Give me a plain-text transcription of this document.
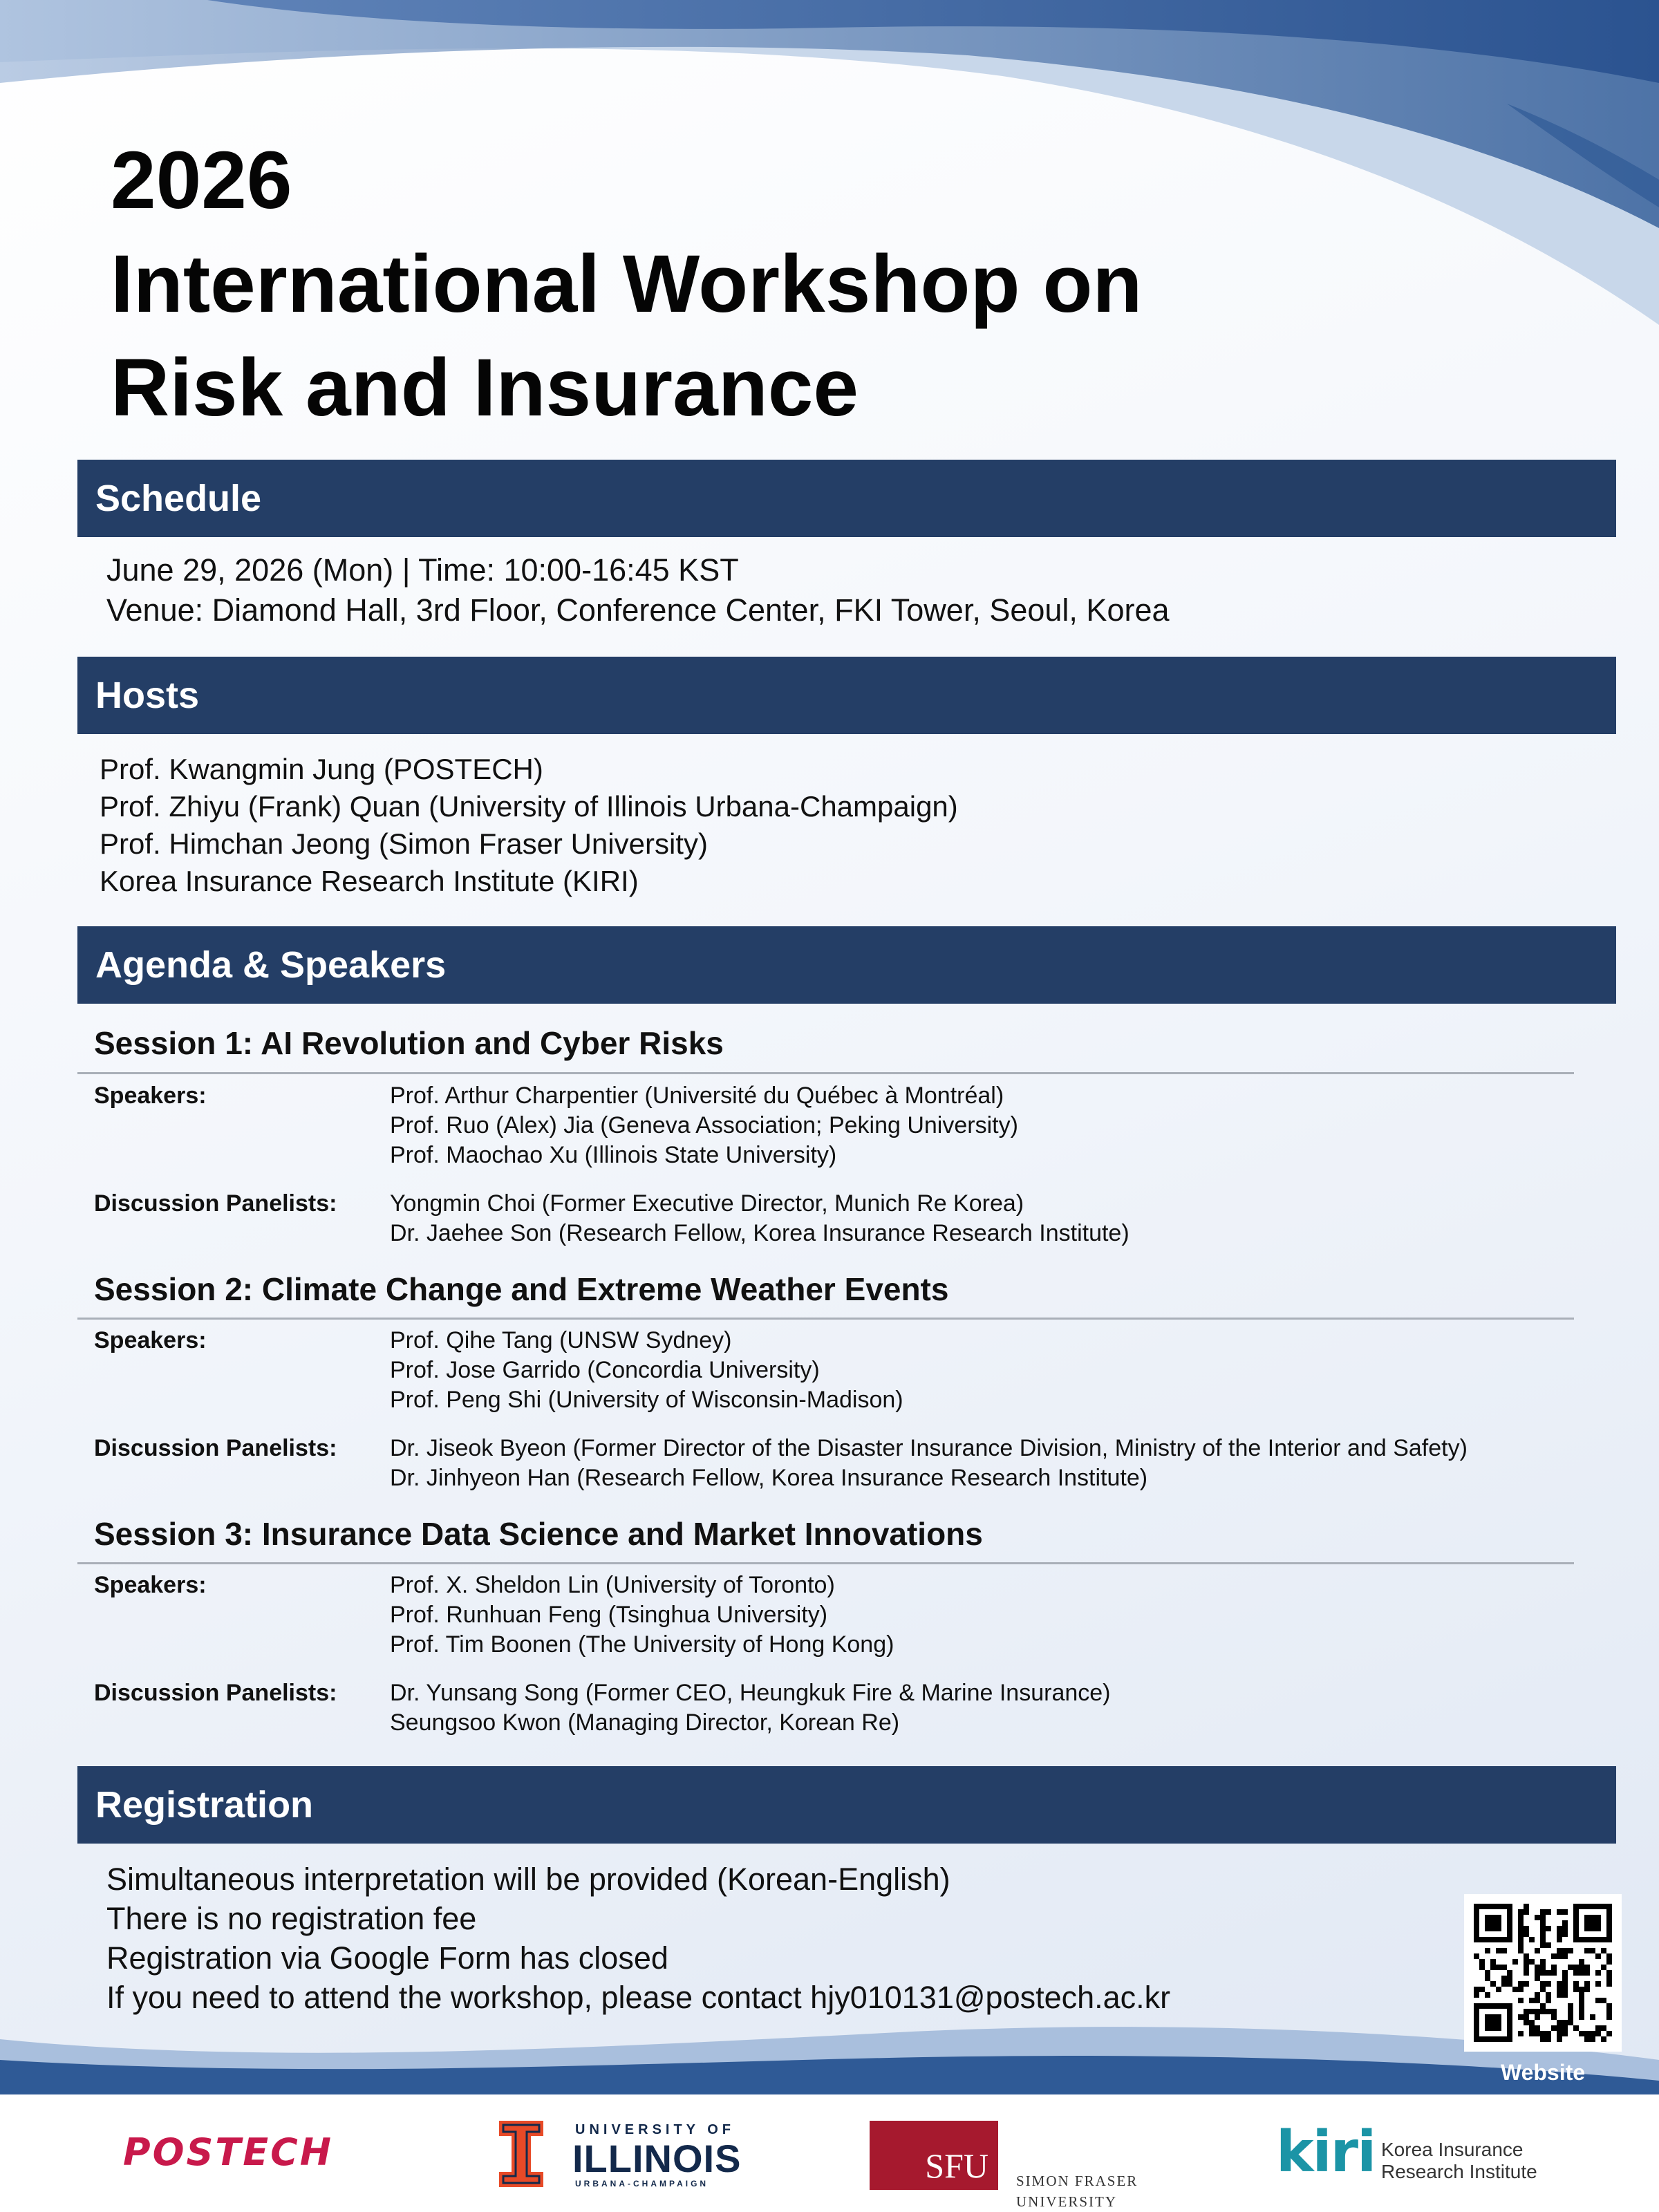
2026
International Workshop on
Risk and Insurance
Schedule

June 29, 2026 (Mon) | Time: 10:00-16:45 KST
Venue: Diamond Hall, 3rd Floor, Conference Center, FKI Tower, Seoul, Korea

Hosts

Prof. Kwangmin Jung (POSTECH)
Prof. Zhiyu (Frank) Quan (University of Illinois Urbana-Champaign)
Prof. Himchan Jeong (Simon Fraser University)
Korea Insurance Research Institute (KIRI)

Agenda & Speakers
Session 1: AI Revolution and Cyber Risks
Speakers:	Prof. Arthur Charpentier (Université du Québec à Montréal)
Prof. Ruo (Alex) Jia (Geneva Association; Peking University)
Prof. Maochao Xu (Illinois State University)
Discussion Panelists: Yongmin Choi (Former Executive Director, Munich Re Korea)
Dr. Jaehee Son (Research Fellow, Korea Insurance Research Institute)
Session 2: Climate Change and Extreme Weather Events
Speakers:	Prof. Qihe Tang (UNSW Sydney)
Prof. Jose Garrido (Concordia University)
Prof. Peng Shi (University of Wisconsin-Madison)
Discussion Panelists: Dr. Jiseok Byeon (Former Director of the Disaster Insurance Division, Ministry of the Interior and Safety)
Dr. Jinhyeon Han (Research Fellow, Korea Insurance Research Institute)
Session 3: Insurance Data Science and Market Innovations
Speakers:	Prof. X. Sheldon Lin (University of Toronto)
Prof. Runhuan Feng (Tsinghua University)
Prof. Tim Boonen (The University of Hong Kong)
Discussion Panelists: Dr. Yunsang Song (Former CEO, Heungkuk Fire & Marine Insurance)
Seungsoo Kwon (Managing Director, Korean Re)
Registration

Simultaneous interpretation will be provided (Korean-English)
There is no registration fee
Registration via Google Form has closed
If you need to attend the workshop, please contact hjy010131@postech.ac.kr

Website
POSTECH
UNIVERSITY OF
ILLINOIS
URBANA-CHAMPAIGN	SFU SIMON FRASER
UNIVERSITY
kiri Korea Insurance
Research Institute
